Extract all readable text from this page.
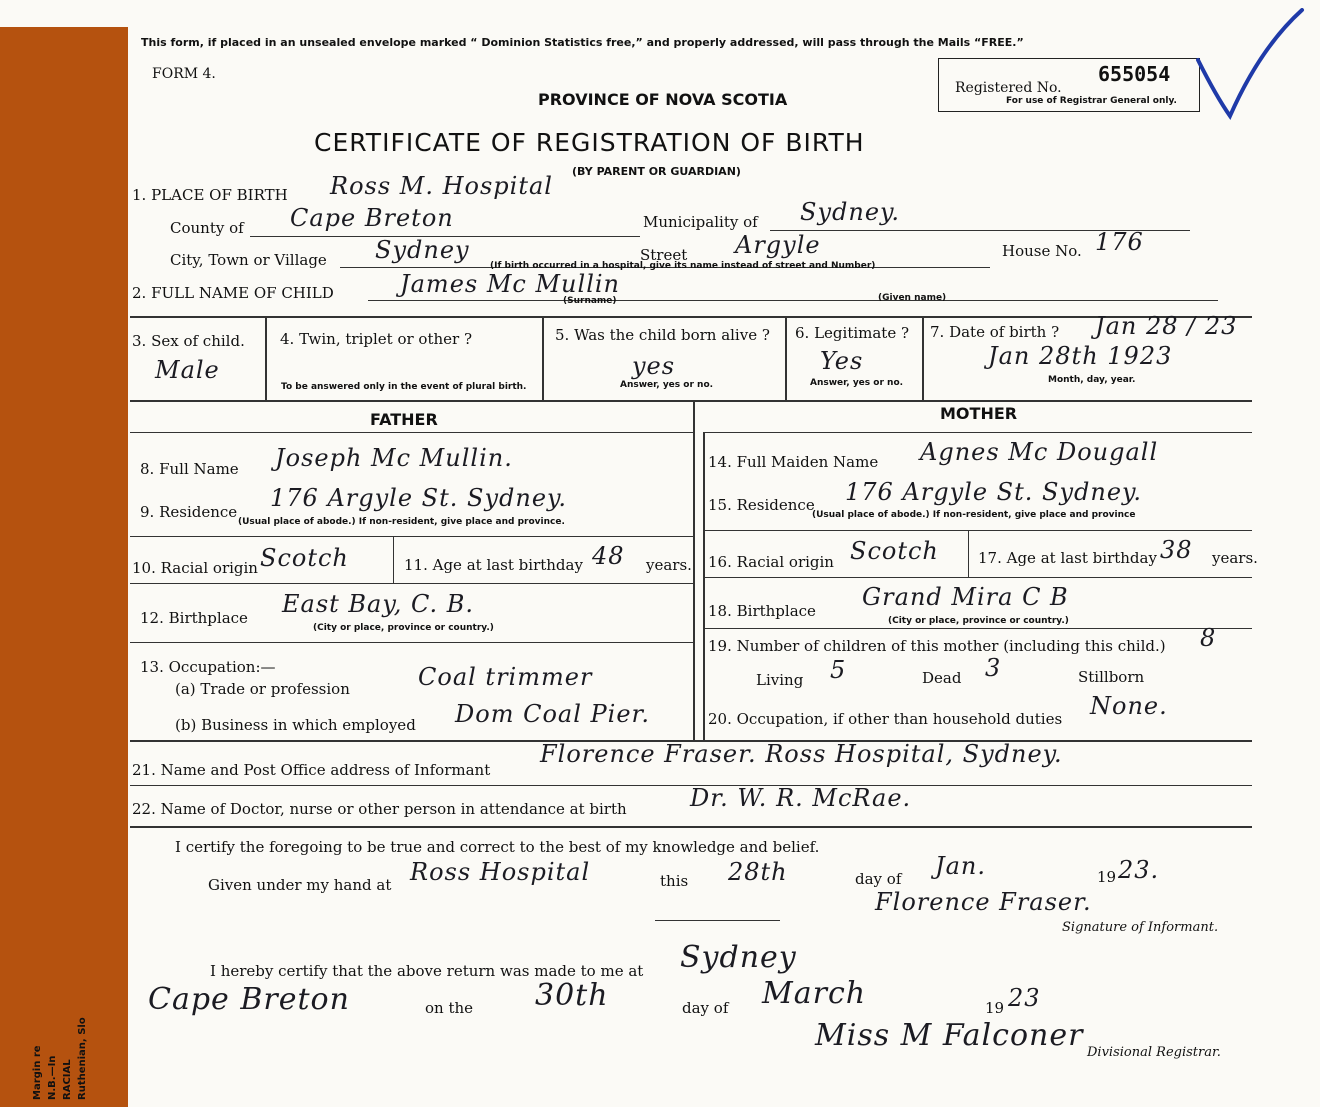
Margin re N.B.—In RACIAL Ruthenian, Slo
This form, if placed in an unsealed envelope marked “ Dominion Statistics free,” and properly addressed, will pass through the Mails “FREE.”
FORM 4.
PROVINCE OF NOVA SCOTIA
CERTIFICATE OF REGISTRATION OF BIRTH
(BY PARENT OR GUARDIAN)
Registered No.
655054
For use of Registrar General only.
1. PLACE OF BIRTH Ross M. Hospital
County of Cape Breton	Municipality of Sydney.
City, Town or Village Sydney	Street Argyle	House No. 176
(If birth occurred in a hospital, give its name instead of street and Number)
2. FULL NAME OF CHILD	James Mc Mullin
(Surname)	(Given name)
3. Sex of child.
Male
4. Twin, triplet or other ?
To be answered only in the event of plural birth.
5. Was the child born alive ?
yes
Answer, yes or no.
6. Legitimate ?
Yes
Answer, yes or no.
7. Date of birth ? Jan 28 / 23
Jan 28th 1923
Month, day, year.
FATHER	MOTHER
8. Full Name Joseph Mc Mullin.
9. Residence 176 Argyle St. Sydney.
(Usual place of abode.) If non-resident, give place and province.
10. Racial origin Scotch	11. Age at last birthday 48 years.
12. Birthplace East Bay, C. B.
(City or place, province or country.)
13. Occupation:—
(a) Trade or profession	Coal trimmer
(b) Business in which employed Dom Coal Pier.
14. Full Maiden Name Agnes Mc Dougall
15. Residence 176 Argyle St. Sydney.
(Usual place of abode.) If non-resident, give place and province
16. Racial origin Scotch	17. Age at last birthday 38 years.
18. Birthplace Grand Mira C B
(City or place, province or country.)
19. Number of children of this mother (including this child.) 8
Living 5	Dead 3	Stillborn
20. Occupation, if other than household duties None.
21. Name and Post Office address of Informant
Florence Fraser. Ross Hospital, Sydney.
22. Name of Doctor, nurse or other person in attendance at birth	Dr. W. R. McRae.
I certify the foregoing to be true and correct to the best of my knowledge and belief.
Given under my hand at Ross Hospital	this 28th	day of Jan.	19 23.
Florence Fraser.
Signature of Informant.
I hereby certify that the above return was made to me at Sydney
Cape Breton	on the 30th	day of March	19 23
Miss M Falconer Divisional Registrar.
